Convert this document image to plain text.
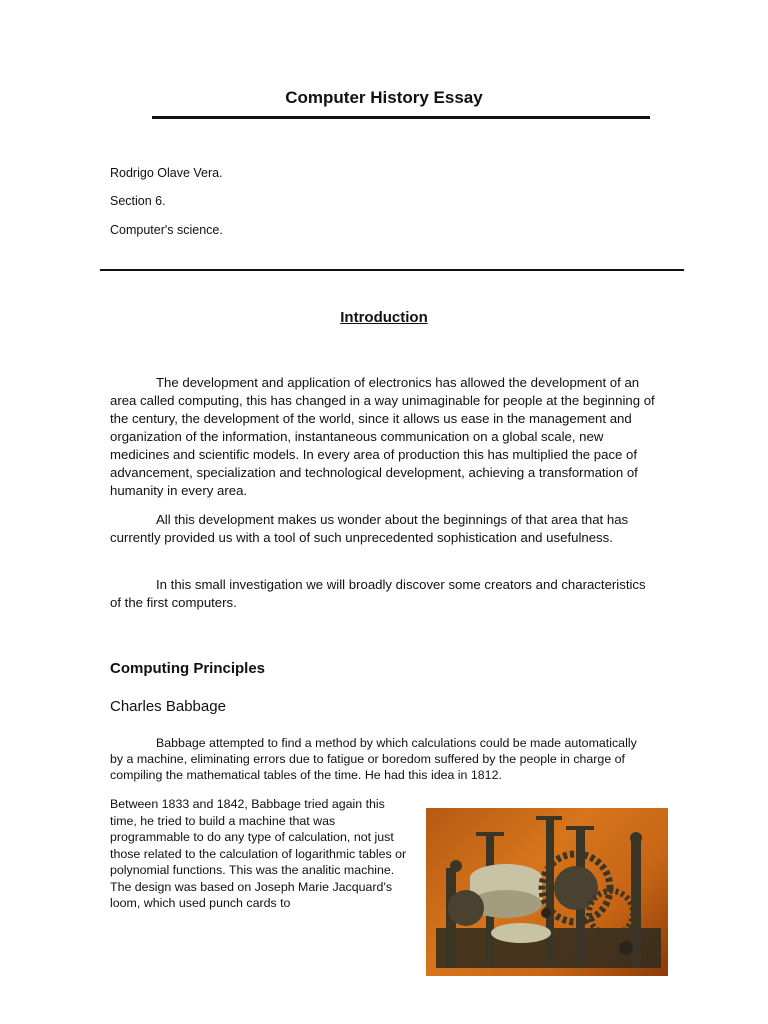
Computer History Essay
Rodrigo Olave Vera.
Section 6.
Computer's science.
Introduction

The development and application of electronics has allowed the development of an area called computing, this has changed in a way unimaginable for people at the beginning of the century, the development of the world, since it allows us ease in the management and organization of the information, instantaneous communication on a global scale, new medicines and scientific models. In every area of production this has multiplied the pace of advancement, specialization and technological development, achieving a transformation of humanity in every area.

All this development makes us wonder about the beginnings of that area that has currently provided us with a tool of such unprecedented sophistication and usefulness.

In this small investigation we will broadly discover some creators and characteristics of the first computers.

Computing Principles
Charles Babbage

Babbage attempted to find a method by which calculations could be made automatically by a machine, eliminating errors due to fatigue or boredom suffered by the people in charge of compiling the mathematical tables of the time. He had this idea in 1812.

Between 1833 and 1842, Babbage tried again this time, he tried to build a machine that was programmable to do any type of calculation, not just those related to the calculation of logarithmic tables or polynomial functions. This was the analitic machine. The design was based on Joseph Marie Jacquard's loom, which used punch cards to
